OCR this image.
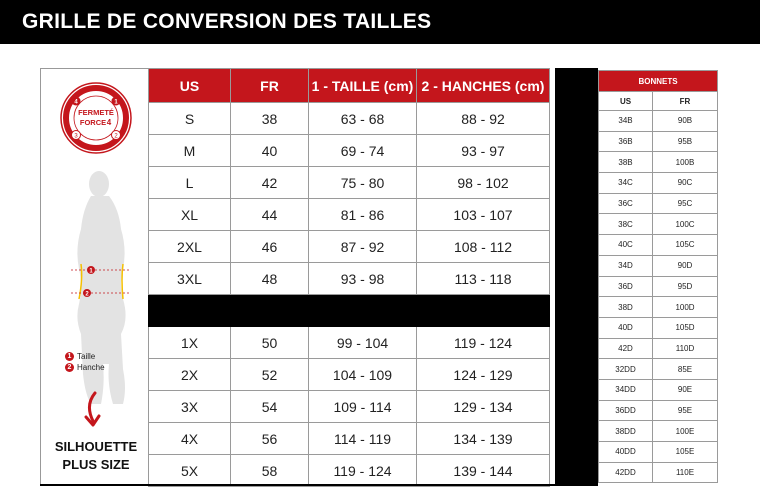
GRILLE DE CONVERSION DES TAILLES
4	1
3	2
FERMETÉ
FORCE 4
1
2
1 Taille
2 Hanche
SILHOUETTE
PLUS SIZE
US	FR	1 - TAILLE (cm)	2 - HANCHES (cm)
S	38	63 - 68	88 - 92
M	40	69 - 74	93 - 97
L	42	75 - 80	98 - 102
XL	44	81 - 86	103 - 107
2XL	46	87 - 92	108 - 112
3XL	48	93 - 98	113 - 118

1X	50	99 - 104	119 - 124
2X	52	104 - 109	124 - 129
3X	54	109 - 114	129 - 134
4X	56	114 - 119	134 - 139
5X	58	119 - 124	139 - 144
BONNETS	
US	FR
34B	90B
36B	95B
38B	100B
34C	90C
36C	95C
38C	100C
40C	105C
34D	90D
36D	95D
38D	100D
40D	105D
42D	110D
32DD	85E
34DD	90E
36DD	95E
38DD	100E
40DD	105E
42DD	110E
